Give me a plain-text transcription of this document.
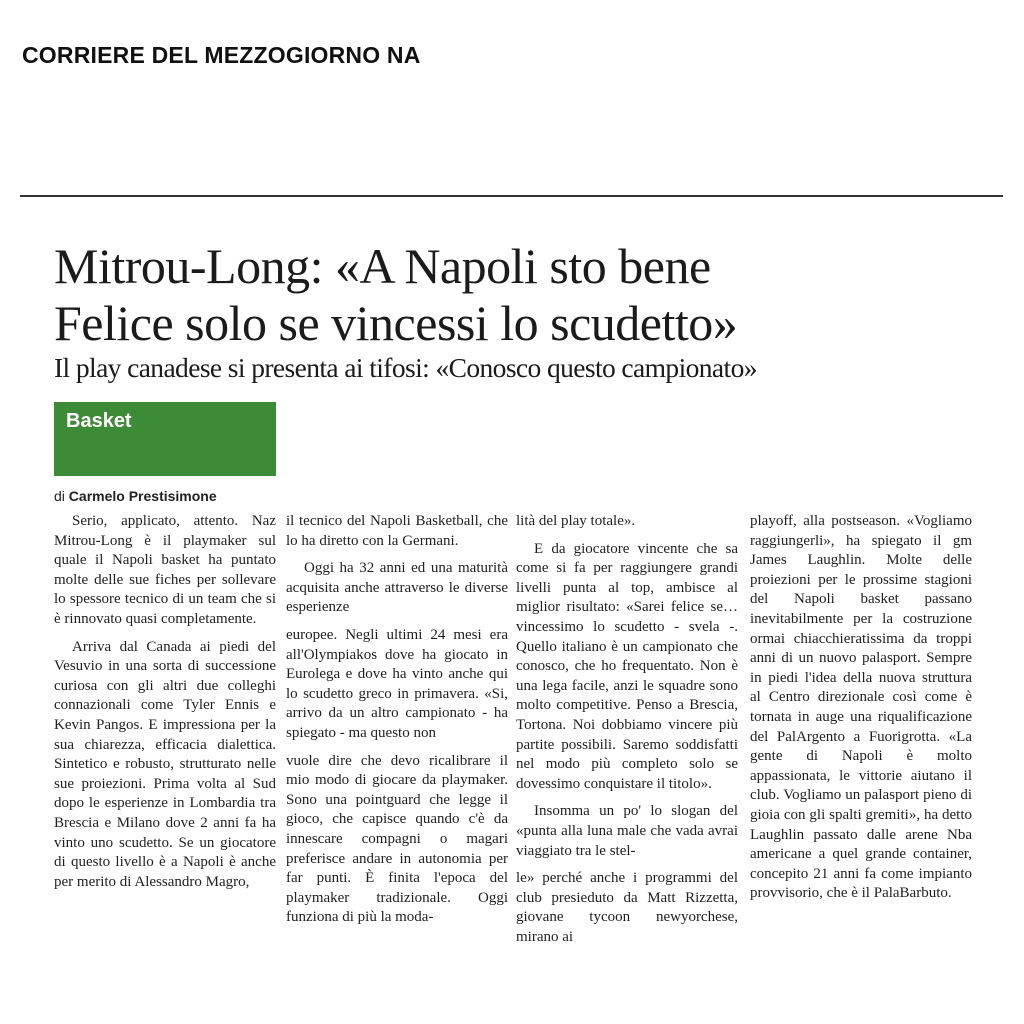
CORRIERE DEL MEZZOGIORNO NA
Mitrou-Long: «A Napoli sto bene
Felice solo se vincessi lo scudetto»
Il play canadese si presenta ai tifosi: «Conosco questo campionato»
Basket
di Carmelo Prestisimone

Serio, applicato, attento. Naz Mitrou-Long è il playmaker sul quale il Napoli basket ha puntato molte delle sue fiches per sollevare lo spessore tecnico di un team che si è rinnovato quasi completamente.

Arriva dal Canada ai piedi del Vesuvio in una sorta di successione curiosa con gli altri due colleghi connazionali come Tyler Ennis e Kevin Pangos. E impressiona per la sua chiarezza, efficacia dialettica. Sintetico e robusto, strutturato nelle sue proiezioni. Prima volta al Sud dopo le esperienze in Lombardia tra Brescia e Milano dove 2 anni fa ha vinto uno scudetto. Se un giocatore di questo livello è a Napoli è anche per merito di Alessandro Magro,

il tecnico del Napoli Basketball, che lo ha diretto con la Germani.

Oggi ha 32 anni ed una maturità acquisita anche attraverso le diverse esperienze

europee. Negli ultimi 24 mesi era all'Olympiakos dove ha giocato in Eurolega e dove ha vinto anche qui lo scudetto greco in primavera. «Si, arrivo da un altro campionato - ha spiegato - ma questo non

vuole dire che devo ricalibrare il mio modo di giocare da playmaker. Sono una pointguard che legge il gioco, che capisce quando c'è da innescare compagni o magari preferisce andare in autonomia per far punti. È finita l'epoca del playmaker tradizionale. Oggi funziona di più la moda-

lità del play totale».

E da giocatore vincente che sa come si fa per raggiungere grandi livelli punta al top, ambisce al miglior risultato: «Sarei felice se…vincessimo lo scudetto - svela -. Quello italiano è un campionato che conosco, che ho frequentato. Non è una lega facile, anzi le squadre sono molto competitive. Penso a Brescia, Tortona. Noi dobbiamo vincere più partite possibili. Saremo soddisfatti nel modo più completo solo se dovessimo conquistare il titolo».

Insomma un po' lo slogan del «punta alla luna male che vada avrai viaggiato tra le stel-

le» perché anche i programmi del club presieduto da Matt Rizzetta, giovane tycoon newyorchese, mirano ai

playoff, alla postseason. «Vogliamo raggiungerli», ha spiegato il gm James Laughlin. Molte delle proiezioni per le prossime stagioni del Napoli basket passano inevitabilmente per la costruzione ormai chiacchieratissima da troppi anni di un nuovo palasport. Sempre in piedi l'idea della nuova struttura al Centro direzionale così come è tornata in auge una riqualificazione del PalArgento a Fuorigrotta. «La gente di Napoli è molto appassionata, le vittorie aiutano il club. Vogliamo un palasport pieno di gioia con gli spalti gremiti», ha detto Laughlin passato dalle arene Nba americane a quel grande container, concepito 21 anni fa come impianto provvisorio, che è il PalaBarbuto.
